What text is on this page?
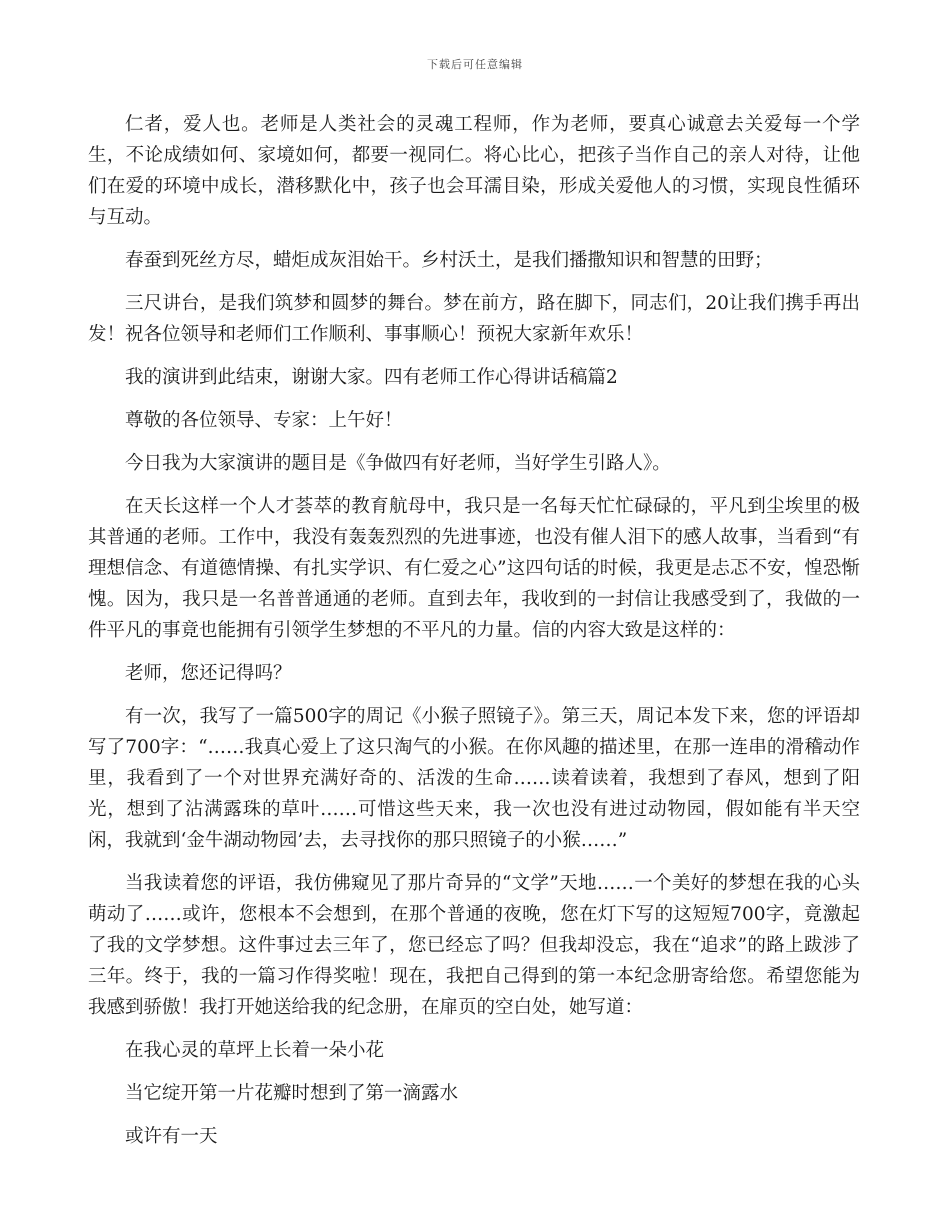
下载后可任意编辑

仁者，爱人也。老师是人类社会的灵魂工程师，作为老师，要真心诚意去关爱每一个学生，不论成绩如何、家境如何，都要一视同仁。将心比心，把孩子当作自己的亲人对待，让他们在爱的环境中成长，潜移默化中，孩子也会耳濡目染，形成关爱他人的习惯，实现良性循环与互动。

春蚕到死丝方尽，蜡炬成灰泪始干。乡村沃土，是我们播撒知识和智慧的田野；

三尺讲台，是我们筑梦和圆梦的舞台。梦在前方，路在脚下，同志们，20让我们携手再出发！祝各位领导和老师们工作顺利、事事顺心！预祝大家新年欢乐！

我的演讲到此结束，谢谢大家。四有老师工作心得讲话稿篇2

尊敬的各位领导、专家：上午好！

今日我为大家演讲的题目是《争做四有好老师，当好学生引路人》。

在天长这样一个人才荟萃的教育航母中，我只是一名每天忙忙碌碌的，平凡到尘埃里的极其普通的老师。工作中，我没有轰轰烈烈的先进事迹，也没有催人泪下的感人故事，当看到“有理想信念、有道德情操、有扎实学识、有仁爱之心”这四句话的时候，我更是忐忑不安，惶恐惭愧。因为，我只是一名普普通通的老师。直到去年，我收到的一封信让我感受到了，我做的一件平凡的事竟也能拥有引领学生梦想的不平凡的力量。信的内容大致是这样的：

老师，您还记得吗？

有一次，我写了一篇500字的周记《小猴子照镜子》。第三天，周记本发下来，您的评语却写了700字：“……我真心爱上了这只淘气的小猴。在你风趣的描述里，在那一连串的滑稽动作里，我看到了一个对世界充满好奇的、活泼的生命……读着读着，我想到了春风，想到了阳光，想到了沾满露珠的草叶……可惜这些天来，我一次也没有进过动物园，假如能有半天空闲，我就到‘金牛湖动物园’去，去寻找你的那只照镜子的小猴……”

当我读着您的评语，我仿佛窥见了那片奇异的“文学”天地……一个美好的梦想在我的心头萌动了……或许，您根本不会想到，在那个普通的夜晚，您在灯下写的这短短700字，竟激起了我的文学梦想。这件事过去三年了，您已经忘了吗？但我却没忘，我在“追求”的路上跋涉了三年。终于，我的一篇习作得奖啦！现在，我把自己得到的第一本纪念册寄给您。希望您能为我感到骄傲！我打开她送给我的纪念册，在扉页的空白处，她写道：

在我心灵的草坪上长着一朵小花

当它绽开第一片花瓣时想到了第一滴露水

或许有一天
